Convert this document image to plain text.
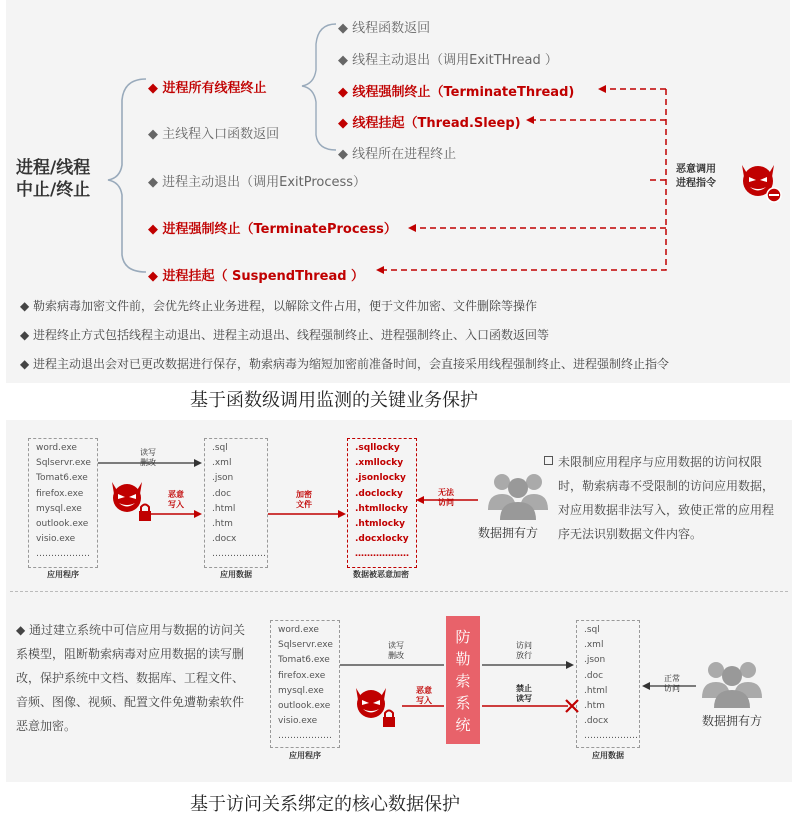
进程/线程
中止/终止
◆ 进程所有线程终止
◆ 主线程入口函数返回
◆ 进程主动退出（调用ExitProcess）
◆ 进程强制终止（TerminateProcess）
◆ 进程挂起（ SuspendThread ）
◆ 线程函数返回
◆ 线程主动退出（调用ExitTHread ）
◆ 线程强制终止（TerminateThread)
◆ 线程挂起（Thread.Sleep)
◆ 线程所在进程终止
恶意调用
进程指令
◆ 勒索病毒加密文件前，会优先终止业务进程，以解除文件占用，便于文件加密、文件删除等操作
◆ 进程终止方式包括线程主动退出、进程主动退出、线程强制终止、进程强制终止、入口函数返回等
◆ 进程主动退出会对已更改数据进行保存，勒索病毒为缩短加密前准备时间，会直接采用线程强制终止、进程强制终止指令
基于函数级调用监测的关键业务保护
word.exe
Sqlservr.exe
Tomat6.exe
firefox.exe
mysql.exe
outlook.exe
visio.exe
………………
应用程序
.sql
.xml
.json
.doc
.html
.htm
.docx
………………
应用数据
.sqllocky
.xmllocky
.jsonlocky
.doclocky
.htmllocky
.htmlocky
.docxlocky
………………
数据被恶意加密
读写
删改
恶意
写入
加密
文件
无法
访问
数据拥有方
未限制应用程序与应用数据的访问权限时，勒索病毒不受限制的访问应用数据，对应用数据非法写入，致使正常的应用程序无法识别数据文件内容。
◆ 通过建立系统中可信应用与数据的访问关系模型，阻断勒索病毒对应用数据的读写删改，保护系统中文档、数据库、工程文件、音频、图像、视频、配置文件免遭勒索软件恶意加密。
word.exe
Sqlservr.exe
Tomat6.exe
firefox.exe
mysql.exe
outlook.exe
visio.exe
………………
应用程序
防
勒
索
系
统
.sql
.xml
.json
.doc
.html
.htm
.docx
………………
应用数据
读写
删改
恶意
写入
访问
放行
禁止
读写
正常
访问
数据拥有方
基于访问关系绑定的核心数据保护
